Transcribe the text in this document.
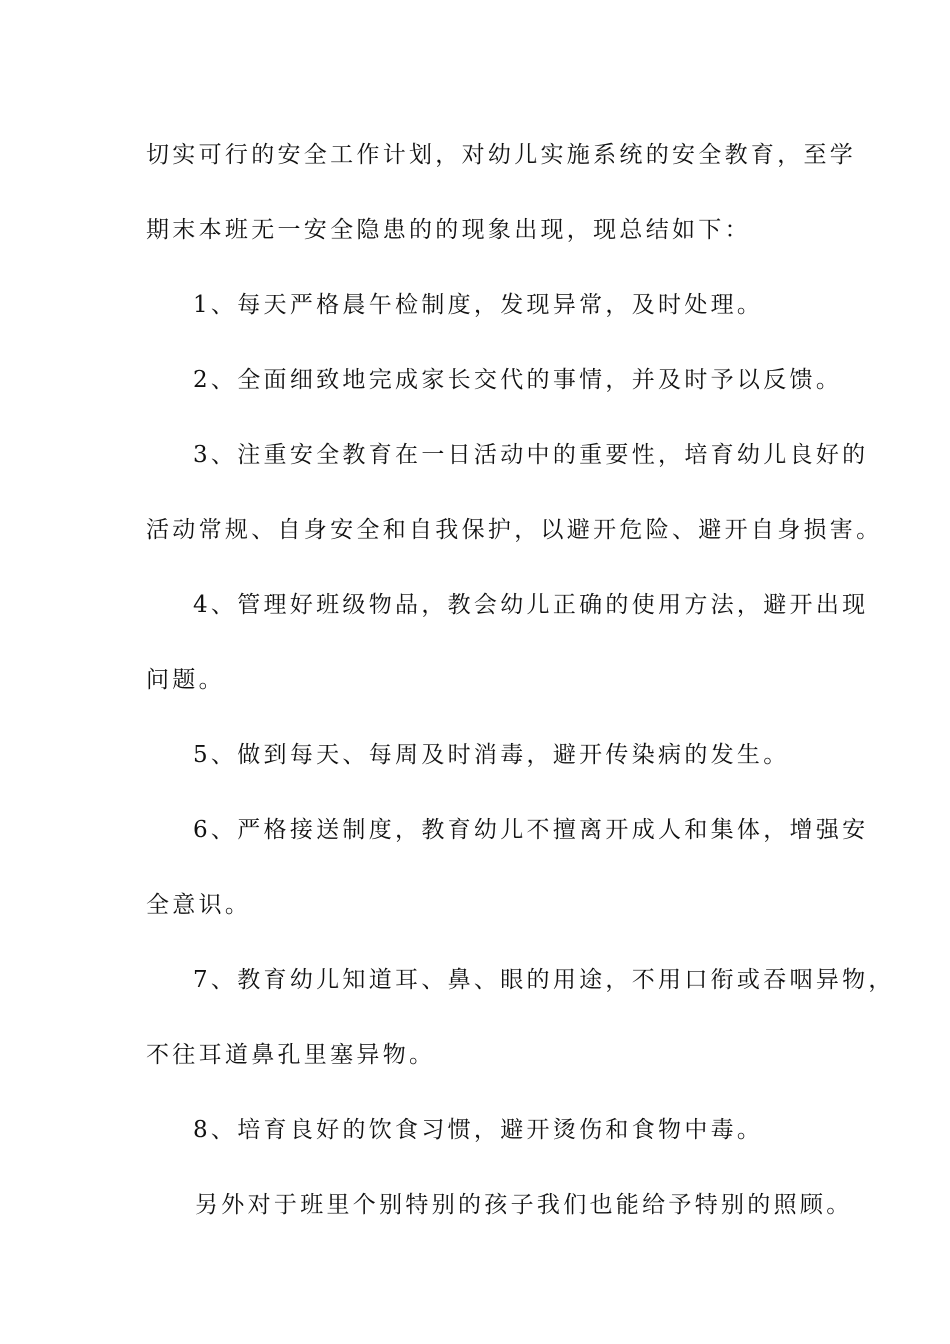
切实可行的安全工作计划，对幼儿实施系统的安全教育，至学
期末本班无一安全隐患的的现象出现，现总结如下：
1、每天严格晨午检制度，发现异常，及时处理。
2、全面细致地完成家长交代的事情，并及时予以反馈。
3、注重安全教育在一日活动中的重要性，培育幼儿良好的
活动常规、自身安全和自我保护，以避开危险、避开自身损害。
4、管理好班级物品，教会幼儿正确的使用方法，避开出现
问题。
5、做到每天、每周及时消毒，避开传染病的发生。
6、严格接送制度，教育幼儿不擅离开成人和集体，增强安
全意识。
7、教育幼儿知道耳、鼻、眼的用途，不用口衔或吞咽异物，
不往耳道鼻孔里塞异物。
8、培育良好的饮食习惯，避开烫伤和食物中毒。
另外对于班里个别特别的孩子我们也能给予特别的照顾。
